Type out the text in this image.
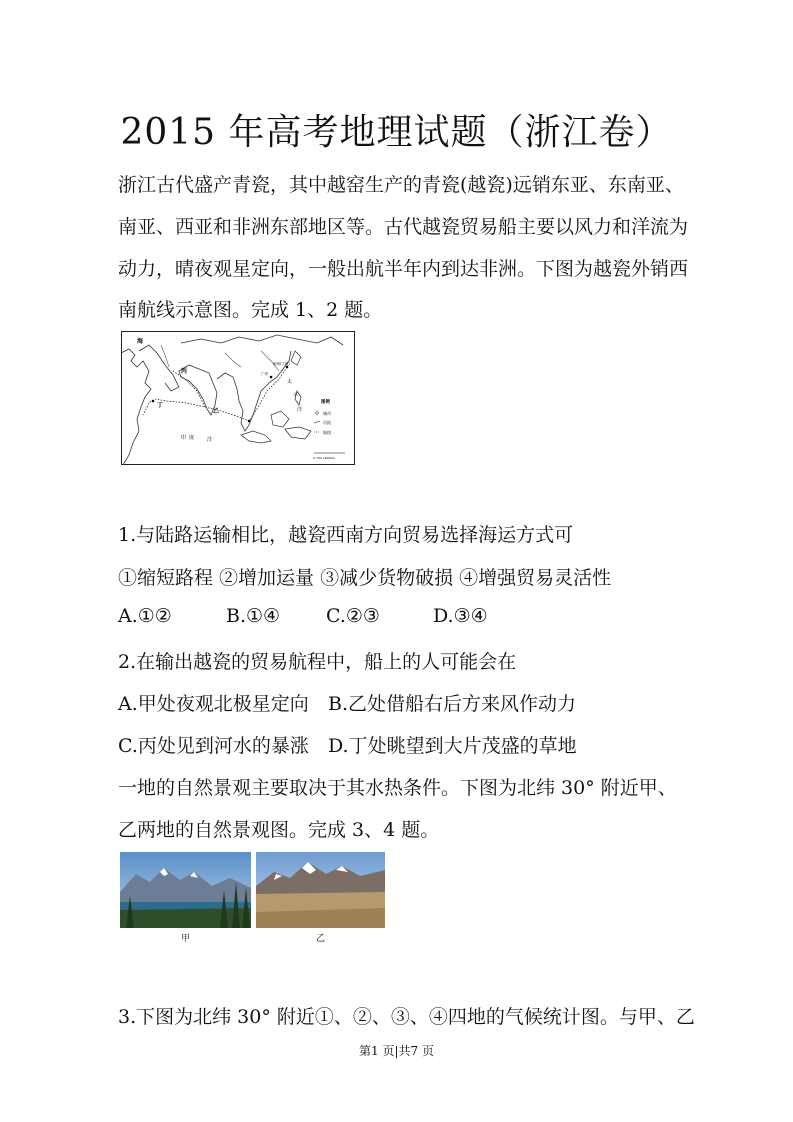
2015 年高考地理试题（浙江卷）
浙江古代盛产青瓷，其中越窑生产的青瓷(越瓷)远销东亚、东南亚、
南亚、西亚和非洲东部地区等。古代越瓷贸易船主要以风力和洋流为
动力，晴夜观星定向，一般出航半年内到达非洲。下图为越瓷外销西
南航线示意图。完成 1、2 题。
海
丙
丁
乙
印 度	洋
太
平
洋
广州
明州(宁波)
图例
城市
河流
航线
0 700 1400km
1.与陆路运输相比，越瓷西南方向贸易选择海运方式可
①缩短路程 ②增加运量 ③减少货物破损 ④增强贸易灵活性
A.①②	B.①④ C.②③	D.③④
2.在输出越瓷的贸易航程中，船上的人可能会在
A.甲处夜观北极星定向 B.乙处借船右后方来风作动力
C.丙处见到河水的暴涨 D.丁处眺望到大片茂盛的草地
一地的自然景观主要取决于其水热条件。下图为北纬 30° 附近甲、
乙两地的自然景观图。完成 3、4 题。
甲	乙
3.下图为北纬 30° 附近①、②、③、④四地的气候统计图。与甲、乙
第1 页|共7 页
